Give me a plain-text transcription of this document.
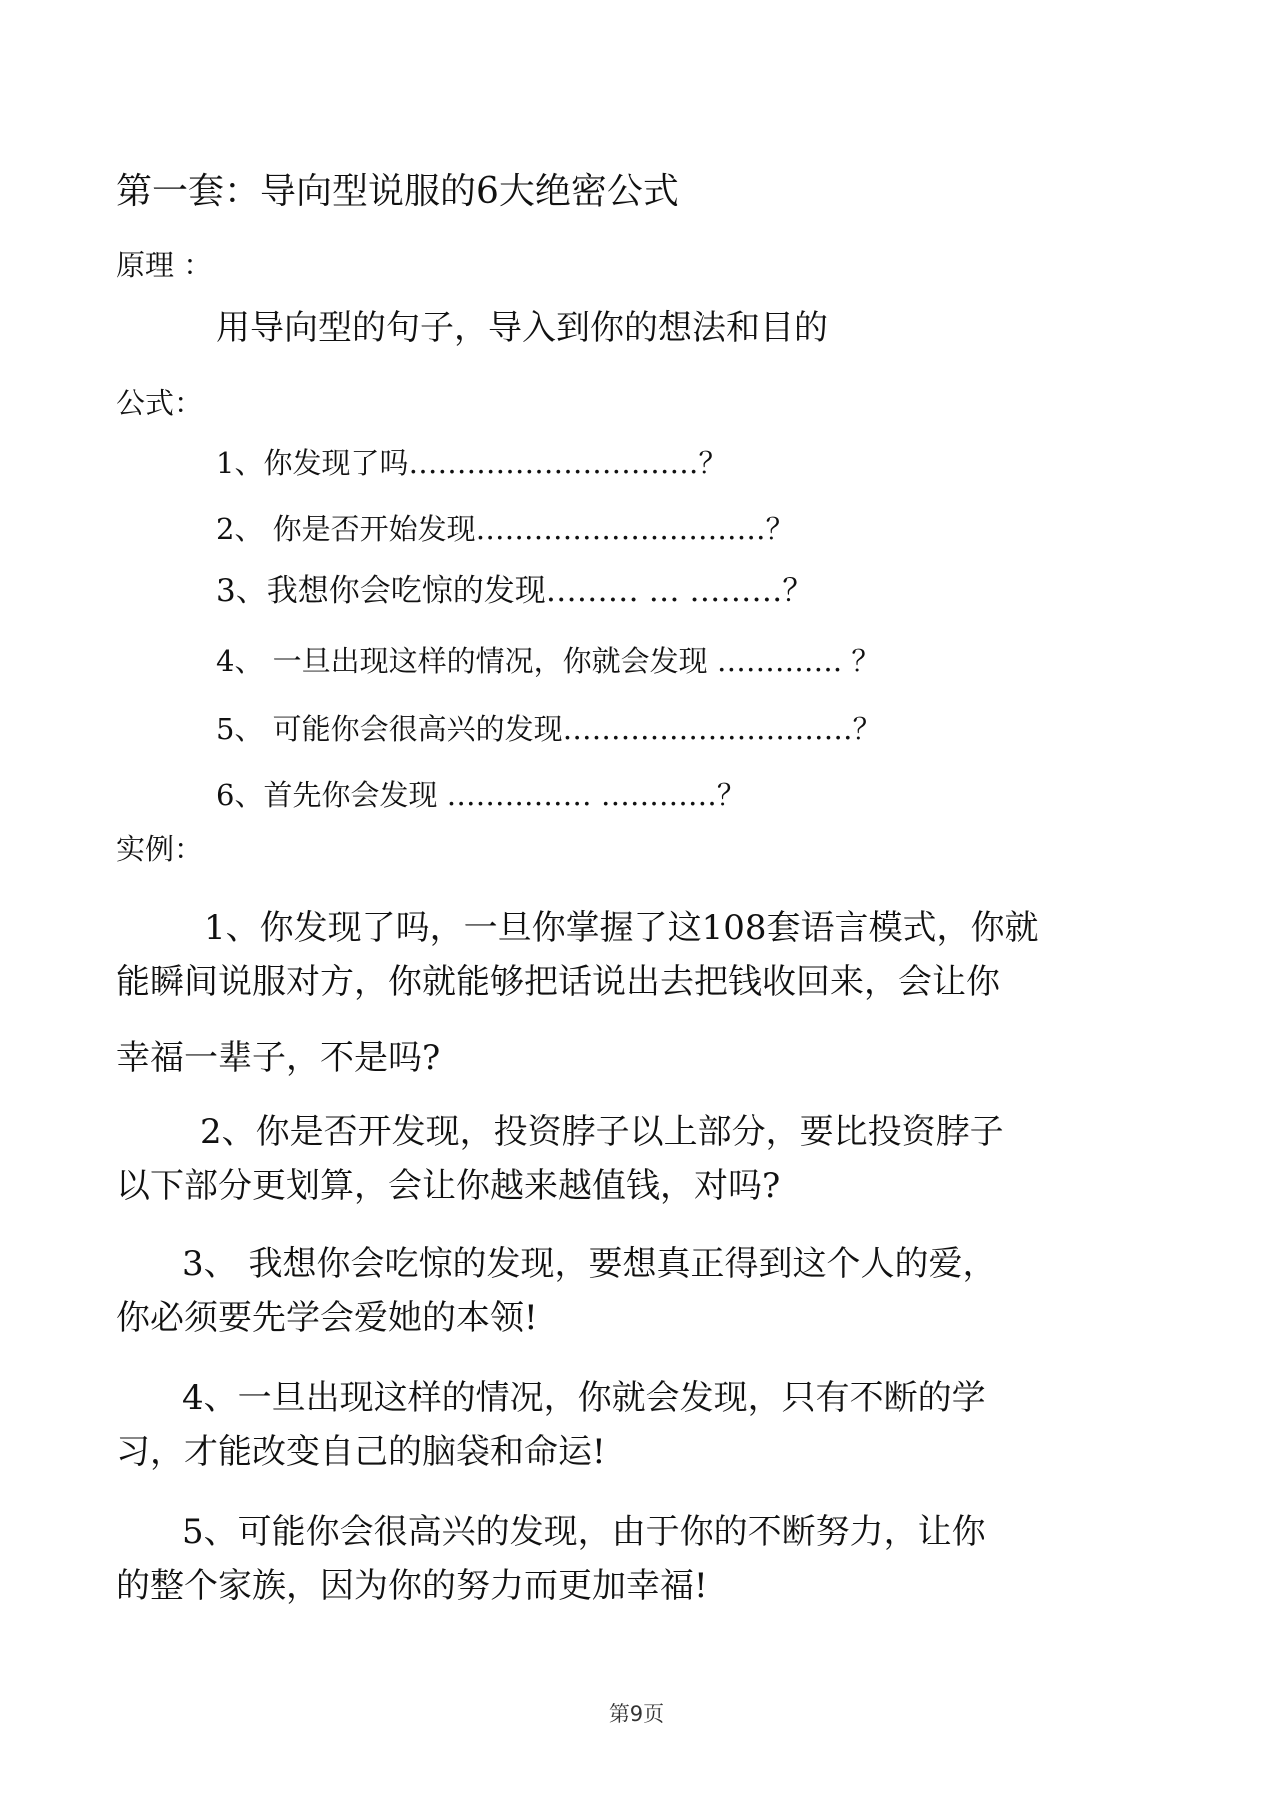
第一套：导向型说服的6大绝密公式
原理 ：
用导向型的句子，导入到你的想法和目的
公式：
1、你发现了吗…………………………？
2、 你是否开始发现…………………………？
3、我想你会吃惊的发现……… … ………？
4、 一旦出现这样的情况，你就会发现 …………. ？
5、 可能你会很高兴的发现…………………………？
6、首先你会发现 …………… …………？
实例：
1、你发现了吗，一旦你掌握了这108套语言模式，你就
能瞬间说服对方，你就能够把话说出去把钱收回来，会让你
幸福一辈子，不是吗?
2、你是否开发现，投资脖子以上部分，要比投资脖子
以下部分更划算，会让你越来越值钱，对吗?
3、 我想你会吃惊的发现，要想真正得到这个人的爱，
你必须要先学会爱她的本领!
4、一旦出现这样的情况，你就会发现，只有不断的学
习，才能改变自己的脑袋和命运!
5、可能你会很高兴的发现，由于你的不断努力，让你
的整个家族，因为你的努力而更加幸福!
第9页
